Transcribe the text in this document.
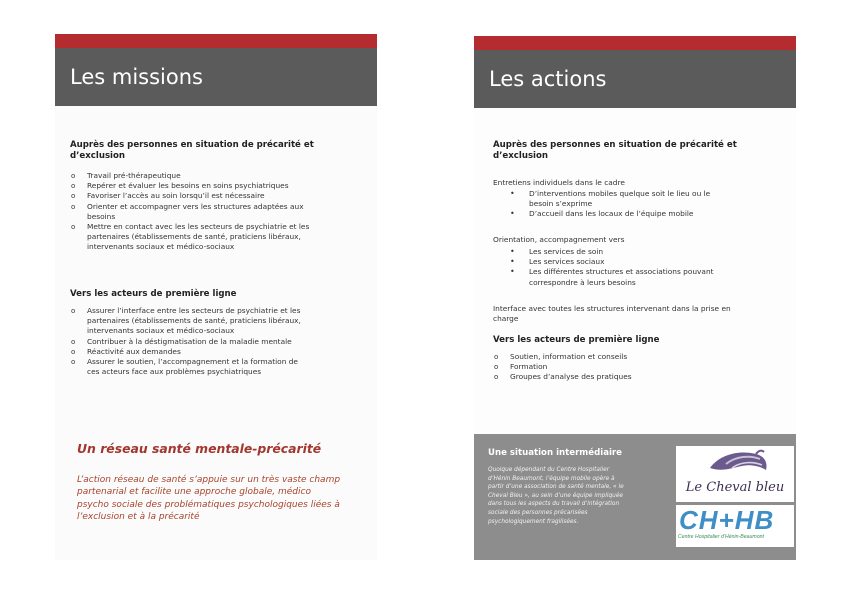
Les missions
Auprès des personnes en situation de précarité et
d’exclusion
o Travail pré-thérapeutique
o Repérer et évaluer les besoins en soins psychiatriques
o Favoriser l’accès au soin lorsqu’il est nécessaire
o Orienter et accompagner vers les structures adaptées aux
besoins
o Mettre en contact avec les les secteurs de psychiatrie et les
partenaires (établissements de santé, praticiens libéraux,
intervenants sociaux et médico-sociaux
Vers les acteurs de première ligne
o Assurer l’interface entre les secteurs de psychiatrie et les
partenaires (établissements de santé, praticiens libéraux,
intervenants sociaux et médico-sociaux
o Contribuer à la déstigmatisation de la maladie mentale
o Réactivité aux demandes
o Assurer le soutien, l’accompagnement et la formation de
ces acteurs face aux problèmes psychiatriques
Un réseau santé mentale-précarité
L’action réseau de santé s’appuie sur un très vaste champ
partenarial et facilite une approche globale, médico
psycho sociale des problématiques psychologiques liées à
l’exclusion et à la précarité
Les actions
Auprès des personnes en situation de précarité et
d’exclusion
Entretiens individuels dans le cadre
• D’interventions mobiles quelque soit le lieu ou le
besoin s’exprime
• D’accueil dans les locaux de l’équipe mobile
Orientation, accompagnement vers
• Les services de soin
• Les services sociaux
• Les différentes structures et associations pouvant
correspondre à leurs besoins
Interface avec toutes les structures intervenant dans la prise en
charge
Vers les acteurs de première ligne
o Soutien, information et conseils
o Formation
o Groupes d’analyse des pratiques
Une situation intermédiaire
Quoique dépendant du Centre Hospitalier
d’Hénin Beaumont, l’équipe mobile opère à
partir d’une association de santé mentale, « le
Cheval Bleu », au sein d’une équipe impliquée
dans tous les aspects du travail d’intégration
sociale des personnes précarisées
psychologiquement fragilisées.
Le Cheval bleu
CH+HB
Centre Hospitalier d’Hénin-Beaumont
